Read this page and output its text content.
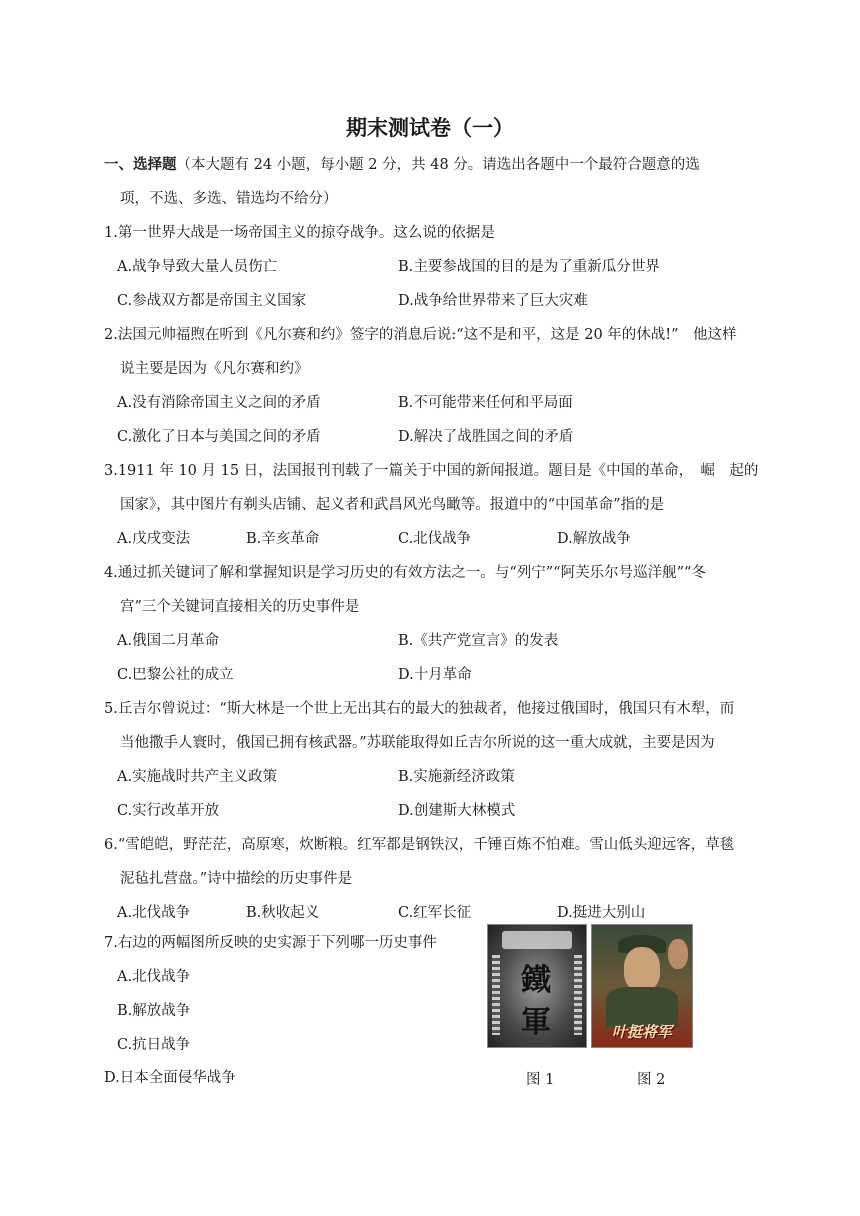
期末测试卷（一）
一、选择题（本大题有 24 小题，每小题 2 分，共 48 分。请选出各题中一个最符合题意的选
项，不选、多选、错选均不给分）
1.第一世界大战是一场帝国主义的掠夺战争。这么说的依据是
A.战争导致大量人员伤亡	B.主要参战国的目的是为了重新瓜分世界
C.参战双方都是帝国主义国家	D.战争给世界带来了巨大灾难
2.法国元帅福煦在听到《凡尔赛和约》签字的消息后说:“这不是和平，这是 20 年的休战!”　他这样
说主要是因为《凡尔赛和约》
A.没有消除帝国主义之间的矛盾	B.不可能带来任何和平局面
C.激化了日本与美国之间的矛盾	D.解决了战胜国之间的矛盾
3.1911 年 10 月 15 日，法国报刊刊载了一篇关于中国的新闻报道。题目是《中国的革命，　崛　起的
国家》，其中图片有剃头店铺、起义者和武昌风光鸟瞰等。报道中的“中国革命”指的是
A.戊戌变法	B.辛亥革命	C.北伐战争	D.解放战争
4.通过抓关键词了解和掌握知识是学习历史的有效方法之一。与“列宁”“阿芙乐尔号巡洋舰”“冬
宫”三个关键词直接相关的历史事件是
A.俄国二月革命	B.《共产党宣言》的发表
C.巴黎公社的成立	D.十月革命
5.丘吉尔曾说过：“斯大林是一个世上无出其右的最大的独裁者，他接过俄国时，俄国只有木犁，而
当他撒手人寰时，俄国已拥有核武器。”苏联能取得如丘吉尔所说的这一重大成就，主要是因为
A.实施战时共产主义政策	B.实施新经济政策
C.实行改革开放	D.创建斯大林模式
6.“雪皑皑，野茫茫，高原寒，炊断粮。红军都是钢铁汉，千锤百炼不怕难。雪山低头迎远客，草毯
泥毡扎营盘。”诗中描绘的历史事件是
A.北伐战争	B.秋收起义	C.红军长征	D.挺进大别山
7.右边的两幅图所反映的史实源于下列哪一历史事件
A.北伐战争
B.解放战争
C.抗日战争
D.日本全面侵华战争
鐵
軍	叶挺将军
图 1	图 2
